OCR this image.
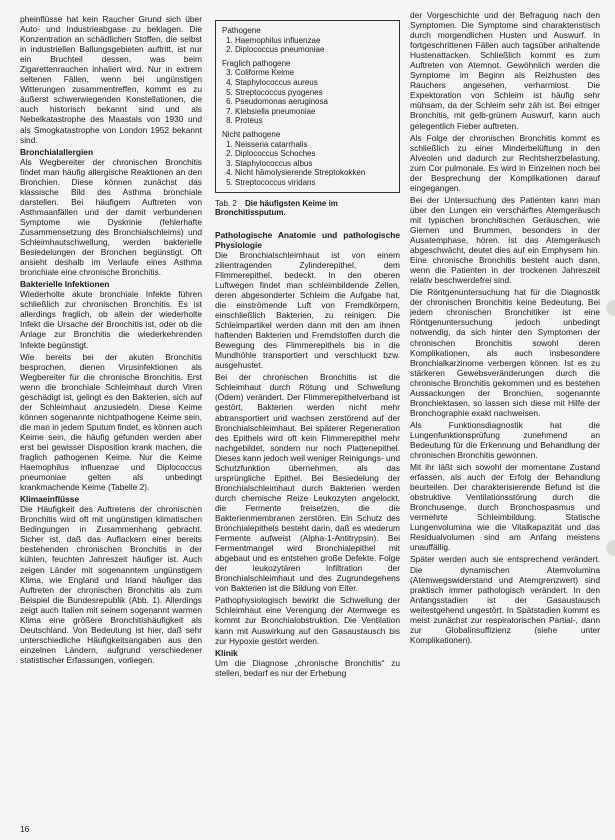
pheinflüsse hat kein Raucher Grund sich über Auto- und Industrieabgase zu beklagen. Die Konzentration an schädlichen Stoffen, die selbst in industriellen Ballungsgebieten auftritt, ist nur ein Bruchteil dessen, was beim Zigarettenrauchen inhaliert wird. Nur in extrem seltenen Fällen, wenn bei ungünstigen Witterungen zusammentreffen, kommt es zu äußerst schwerwiegenden Konstellationen, die auch historisch bekannt sind und als Nebelkatastrophe des Maastals von 1930 und als Smogkatastrophe von London 1952 bekannt sind.

Bronchialallergien

Als Wegbereiter der chronischen Bronchitis findet man häufig allergische Reaktionen an den Bronchien. Diese können zunächst das klassische Bild des Asthma bronchiale darstellen. Bei häufigem Auftreten von Asthmaanfällen und der damit verbundenen Symptome wie Dyskrinie (fehlerhafte Zusammensetzung des Bronchialschleims) und Schleimhautschwellung, werden bakterielle Besiedelungen der Bronchen begünstigt. Oft ansieht deshalb im Verlaufe eines Asthma bronchiale eine chronische Bronchitis.

Bakterielle Infektionen

Wiederholte akute bronchiale Infekte führen schließlich zur chronischen Bronchitis. Es ist allerdings fraglich, ob allein der wiederholte Infekt die Ursache der Bronchitis ist, oder ob die Anlage zur Bronchitis die wiederkehrenden Infekte begünstigt.

Wie bereits bei der akuten Bronchitis besprochen, dienen Virusinfektionen als Wegbereiter für die chronische Bronchitis. Erst wenn die bronchiale Schleimhaut durch Viren geschädigt ist, gelingt es den Bakterien, sich auf der Schleimhaut anzusiedeln. Diese Keime können sogenannte nichtpathogene Keime sein, die man in jedem Sputum findet, es können auch Keime sein, die häufig gefunden werden aber erst bei gewisser Disposition krank machen, die fraglich pathogenen Keime. Nur die Keime Haemophilus influenzae und Diplococcus pneumoniae gelten als unbedingt krankmachende Keime (Tabelle 2).

Klimaeinflüsse

Die Häufigkeit des Auftretens der chronischen Bronchitis wird oft mit ungünstigen klimatischen Bedingungen in Zusammenhang gebracht. Sicher ist, daß das Auflackern einer bereits bestehenden chronischen Bronchitis in der kühlen, feuchten Jahreszeit häufiger ist. Auch zeigen Länder mit sogenanntem ungünstigem Klima, wie England und Irland häufiger das Auftreten der chronischen Bronchitis als zum Beispiel die Bundesrepublik (Abb. 1). Allerdings zeigt auch Italien mit seinem sogenannt warmen Klima eine größere Bronchitishäufigkeit als Deutschland. Von Bedeutung ist hier, daß sehr unterschiedliche Häufigkeitsangaben aus den einzelnen Ländern, aufgrund verschiedener statistischer Erfassungen, vorliegen.

Pathogene
1. Haemophilus influenzae
2. Diplococcus pneumoniae
Fraglich pathogene
3. Coliforme Keime
4. Staphylococcus aureus
5. Streptococcus pyogenes
6. Pseudomonas aeruginosa
7. Klebsiella pneumoniae
8. Proteus
Nicht pathogene
1. Neisseria catarrhalis
2. Diplococcus Schoches
3. Staphylococcus albus
4. Nicht hämolysierende Streptokokken
5. Streptococcus viridans
Tab. 2 Die häufigsten Keime im Bronchitissputum.
Pathologische Anatomie und pathologische Physiologie

Die Bronchialschleimhaut ist von einem zilientragenden Zylinderepithel, dem Flimmerepithel, bedeckt. In den oberen Luftwegen findet man schleimbildende Zellen, deren abgesonderter Schleim die Aufgabe hat, die einströmende Luft von Fremdkörpern, einschließlich Bakterien, zu reinigen. Die Schleimpartikel werden dann mit den am ihnen haftenden Bakterien und Fremdstoffen durch die Bewegung des Flimmerepithels bis in die Mundhöhle transportiert und verschluckt bzw. ausgehustet.

Bei der chronischen Bronchitis ist die Schleimhaut durch Rötung und Schwellung (Ödem) verändert. Der Flimmerepithelverband ist gestört, Bakterien werden nicht mehr abtransportiert und wachsen zerstörend auf der Bronchialschleimhaut. Bei späterer Regeneration des Epithels wird oft kein Flimmerepithel mehr nachgebildet, sondern nur noch Plattenepithel. Dieses kann jedoch weil weniger Reinigungs- und Schutzfunktion übernehmen, als das ursprüngliche Epithel. Bei Besiedelung der Bronchialschleimhaut durch Bakterien werden durch chemische Reize Leukozyten angelockt, die Fermente freisetzen, die die Bakterienmembranen zerstören. Ein Schutz des Bronchialepithels besteht darin, daß es wiederum Fermente aufweist (Alpha-1-Antitrypsin). Bei Fermentmangel wird Bronchialepithel mit abgebaut und es entstehen große Defekte. Folge der leukozytären Infiltration der Bronchialschleimhaut und des Zugrundegehens von Bakterien ist die Bildung von Eiter.

Pathophysiologisch bewirkt die Schwellung der Schleimhaut eine Verengung der Atemwege es kommt zur Bronchialobstruktion. Die Ventilation kann mit Auswirkung auf den Gasaustausch bis zur Hypoxie gestört werden.

Klinik

Um die Diagnose „chronische Bronchitis“ zu stellen, bedarf es nur der Erhebung

der Vorgeschichte und der Befragung nach den Symptomen. Die Symptome sind charakteristisch durch morgendlichen Husten und Auswurf. In fortgeschrittenen Fällen auch tagsüber anhaltende Hustenattacken. Schließlich kommt es zum Auftreten von Atemnot. Gewöhnlich werden die Symptome im Beginn als Reizhusten des Rauchers angesehen, verharmlost. Die Expektoration von Schleim ist häufig sehr mühsam, da der Schleim sehr zäh ist. Bei eitriger Bronchitis, mit gelb-grünem Auswurf, kann auch gelegentlich Fieber auftreten.

Als Folge der chronischen Bronchitis kommt es schließlich zu einer Minderbelüftung in den Alveolen und dadurch zur Rechtsherzbelastung, zum Cor pulmonale. Es wird in Einzelnen noch bei der Besprechung der Komplikationen darauf eingegangen.

Bei der Untersuchung des Patienten kann man über den Lungen ein verschärftes Atemgeräusch mit typischen bronchitischen Geräuschen, wie Giemen und Brummen, besonders in der Ausatemphase, hören. Ist das Atemgeräusch abgeschwächt, deutet dies auf ein Emphysem hin. Eine chronische Bronchitis besteht auch dann, wenn die Patienten in der trockenen Jahreszeit relativ beschwerdefrei sind.

Die Röntgenuntersuchung hat für die Diagnostik der chronischen Bronchitis keine Bedeutung. Bei jedem chronischen Bronchitiker ist eine Röntgenuntersuchung jedoch unbedingt notwendig, da sich hinter den Symptomen der chronischen Bronchitis sowohl deren Komplikationen, als auch insbesondere Bronchialkarzinome verbergen können. Ist es zu stärkeren Gewebsveränderungen durch die chronische Bronchitis gekommen und es bestehen Aussackungen der Bronchien, sogenannte Bronchiektasen, so lassen sich diese mit Hilfe der Bronchographie exakt nachweisen.

Als Funktionsdiagnostik hat die Lungenfunktionsprüfung zunehmend an Bedeutung für die Erkennung und Behandlung der chronischen Bronchitis gewonnen.

Mit ihr läßt sich sowohl der momentane Zustand erfassen, als auch der Erfolg der Behandlung beurteilen. Der charakterisierende Befund ist die obstruktive Ventilationsstörung durch die Bronchusenge, durch Bronchospasmus und vermehrte Schleimbildung. Statische Lungenvolumina wie die Vitalkapazität und das Residualvolumen sind am Anfang meistens unauffällig.

Später werden auch sie entsprechend verändert. Die dynamischen Atemvolumina (Atemwegswiderstand und Atemgrenzwert) sind praktisch immer pathologisch verändert. In den Anfangsstadien ist der Gasaustausch weitestgehend ungestört. In Spätstadien kommt es meist zunächst zur respiratorischen Partial-, dann zur Globalinsuffizienz (siehe unter Komplikationen).

16
